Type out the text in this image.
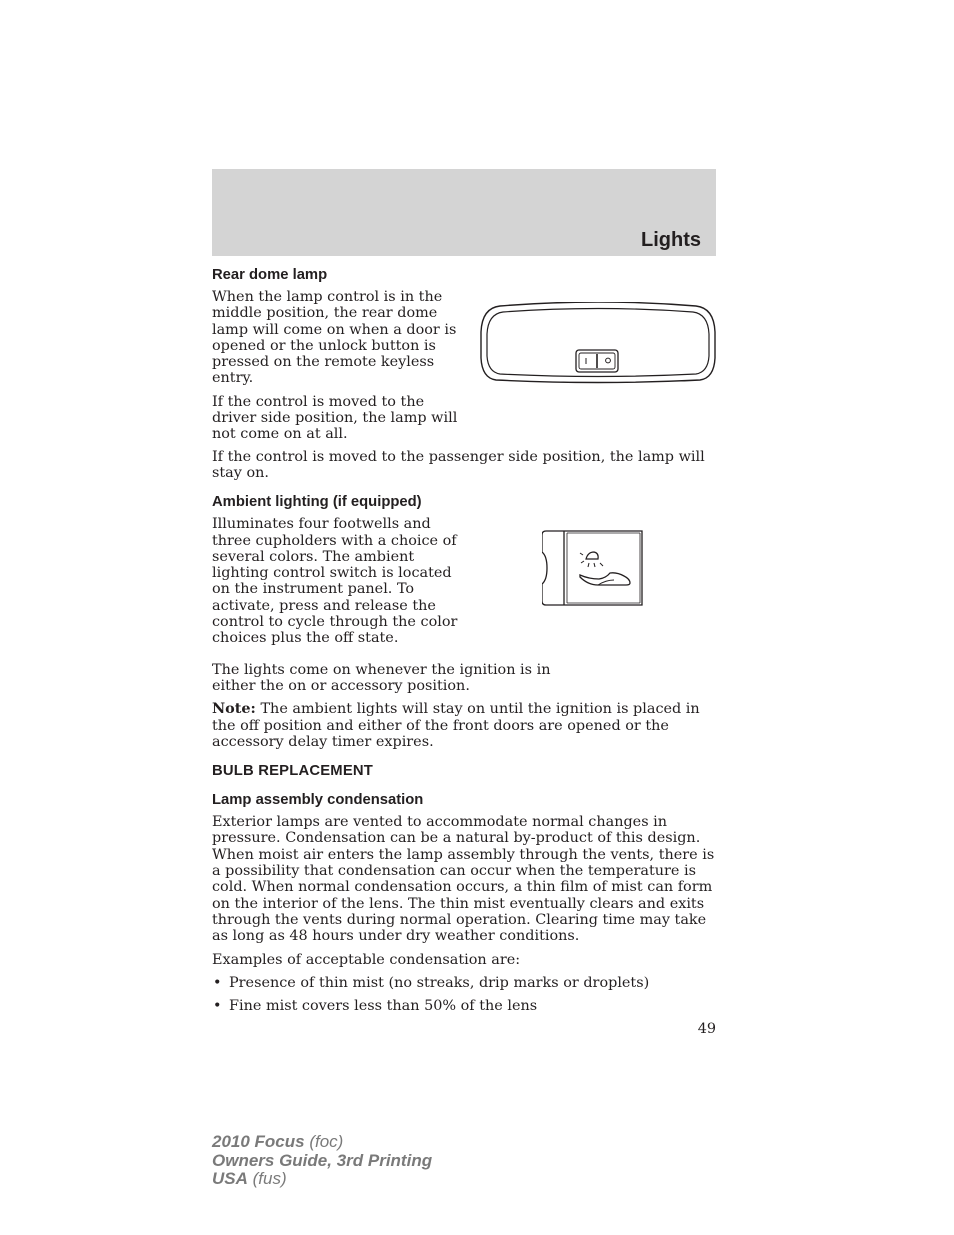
Lights
Rear dome lamp

When the lamp control is in the middle position, the rear dome lamp will come on when a door is opened or the unlock button is pressed on the remote keyless entry.

If the control is moved to the driver side position, the lamp will not come on at all.

If the control is moved to the passenger side position, the lamp will stay on.

Ambient lighting (if equipped)

Illuminates four footwells and three cupholders with a choice of several colors. The ambient lighting control switch is located on the instrument panel. To activate, press and release the control to cycle through the color choices plus the off state.

The lights come on whenever the ignition is in either the on or accessory position.

Note: The ambient lights will stay on until the ignition is placed in the off position and either of the front doors are opened or the accessory delay timer expires.

BULB REPLACEMENT
Lamp assembly condensation

Exterior lamps are vented to accommodate normal changes in pressure. Condensation can be a natural by-product of this design. When moist air enters the lamp assembly through the vents, there is a possibility that condensation can occur when the temperature is cold. When normal condensation occurs, a thin film of mist can form on the interior of the lens. The thin mist eventually clears and exits through the vents during normal operation. Clearing time may take as long as 48 hours under dry weather conditions.

Examples of acceptable condensation are:

• Presence of thin mist (no streaks, drip marks or droplets)
• Fine mist covers less than 50% of the lens
49
2010 Focus (foc)
Owners Guide, 3rd Printing
USA (fus)
